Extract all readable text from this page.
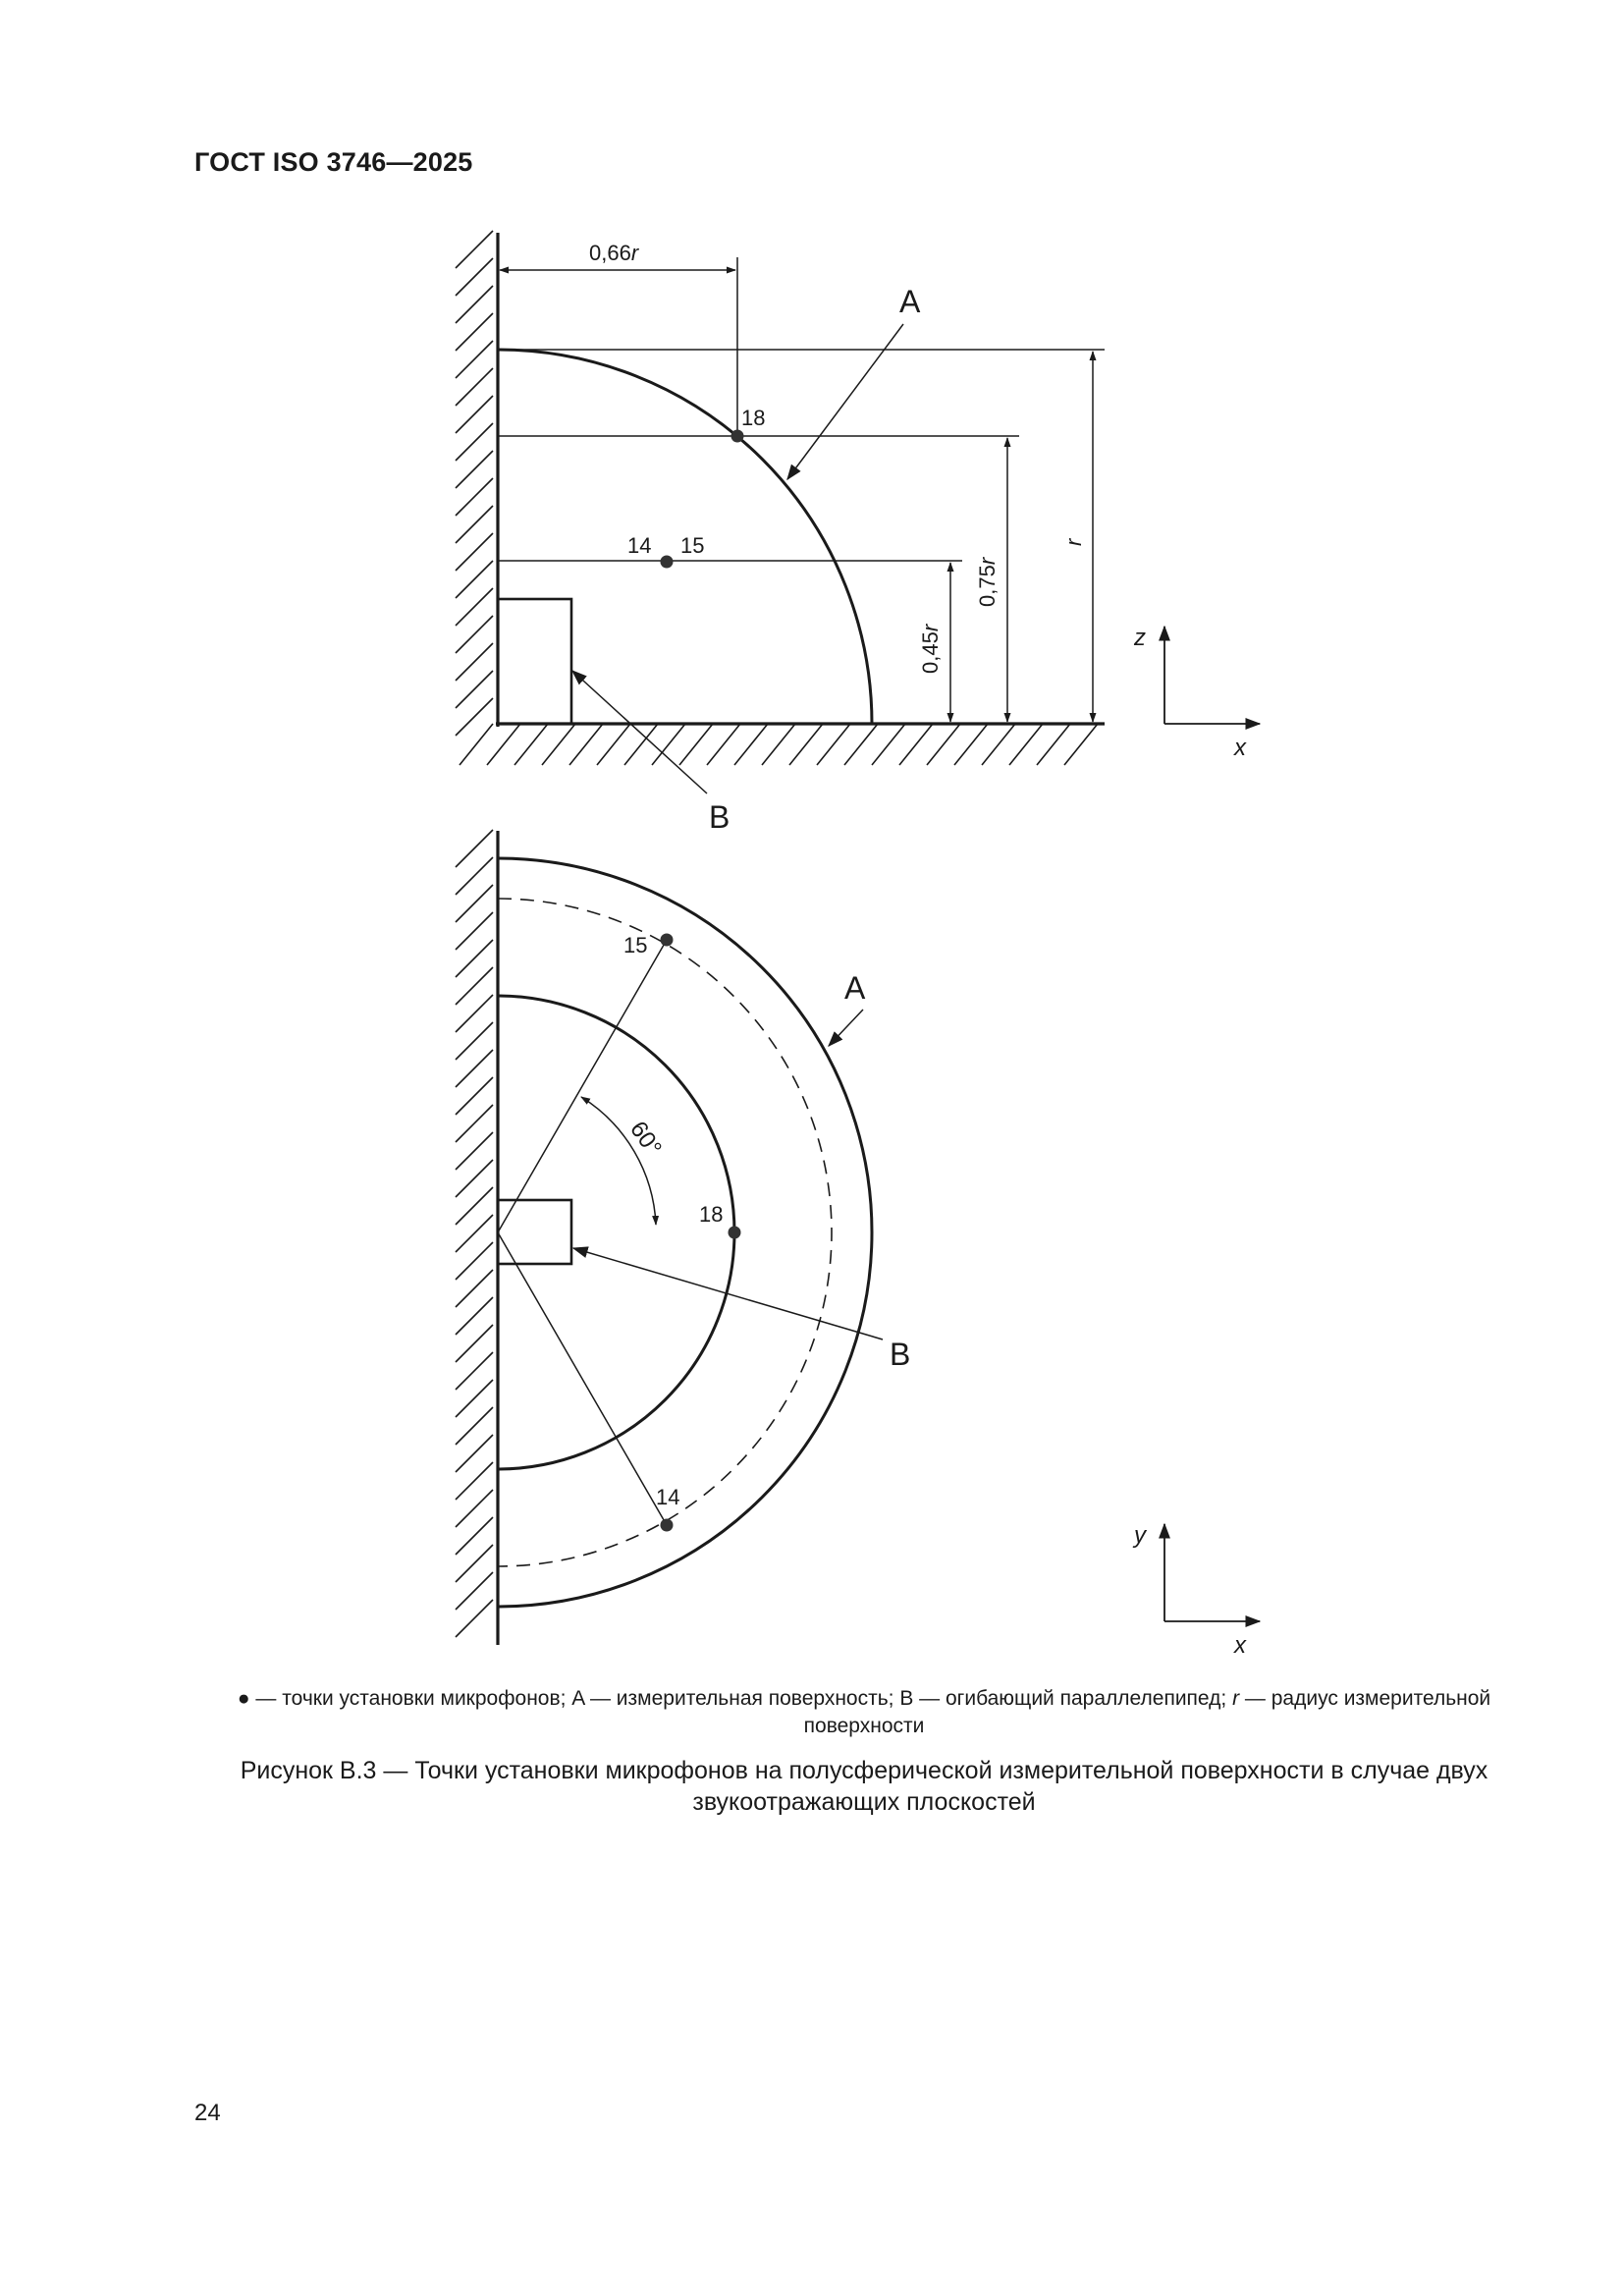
ГОСТ ISO 3746—2025
0,66r
r
0,75r
0,45r
18
14 15
A
B
z
x
60°
15
18
14
A
B
y
x
● — точки установки микрофонов; A — измерительная поверхность; B — огибающий параллелепипед; r — радиус измерительной
поверхности
Рисунок В.3 — Точки установки микрофонов на полусферической измерительной поверхности в случае двух
звукоотражающих плоскостей
24
